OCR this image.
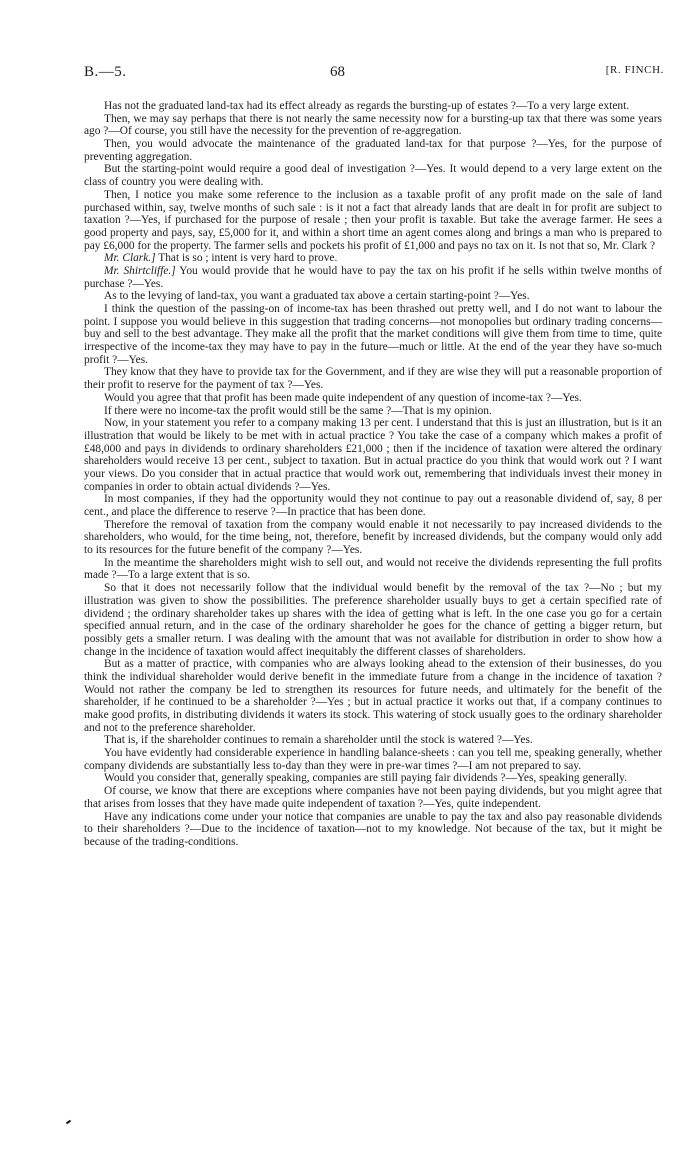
B.—5.	68	[R. FINCH.

Has not the graduated land-tax had its effect already as regards the bursting-up of estates ?—To a very large extent.

Then, we may say perhaps that there is not nearly the same necessity now for a bursting-up tax that there was some years ago ?—Of course, you still have the necessity for the prevention of re-aggregation.

Then, you would advocate the maintenance of the graduated land-tax for that purpose ?—Yes, for the purpose of preventing aggregation.

But the starting-point would require a good deal of investigation ?—Yes. It would depend to a very large extent on the class of country you were dealing with.

Then, I notice you make some reference to the inclusion as a taxable profit of any profit made on the sale of land purchased within, say, twelve months of such sale : is it not a fact that already lands that are dealt in for profit are subject to taxation ?—Yes, if purchased for the purpose of resale ; then your profit is taxable. But take the average farmer. He sees a good property and pays, say, £5,000 for it, and within a short time an agent comes along and brings a man who is prepared to pay £6,000 for the property. The farmer sells and pockets his profit of £1,000 and pays no tax on it. Is not that so, Mr. Clark ?

Mr. Clark.] That is so ; intent is very hard to prove.

Mr. Shirtcliffe.] You would provide that he would have to pay the tax on his profit if he sells within twelve months of purchase ?—Yes.

As to the levying of land-tax, you want a graduated tax above a certain starting-point ?—Yes.

I think the question of the passing-on of income-tax has been thrashed out pretty well, and I do not want to labour the point. I suppose you would believe in this suggestion that trading concerns—not monopolies but ordinary trading concerns—buy and sell to the best advantage. They make all the profit that the market conditions will give them from time to time, quite irrespective of the income-tax they may have to pay in the future—much or little. At the end of the year they have so-much profit ?—Yes.

They know that they have to provide tax for the Government, and if they are wise they will put a reasonable proportion of their profit to reserve for the payment of tax ?—Yes.

Would you agree that that profit has been made quite independent of any question of income-tax ?—Yes.

If there were no income-tax the profit would still be the same ?—That is my opinion.

Now, in your statement you refer to a company making 13 per cent. I understand that this is just an illustration, but is it an illustration that would be likely to be met with in actual practice ? You take the case of a company which makes a profit of £48,000 and pays in dividends to ordinary shareholders £21,000 ; then if the incidence of taxation were altered the ordinary shareholders would receive 13 per cent., subject to taxation. But in actual practice do you think that would work out ? I want your views. Do you consider that in actual practice that would work out, remembering that individuals invest their money in companies in order to obtain actual dividends ?—Yes.

In most companies, if they had the opportunity would they not continue to pay out a reasonable dividend of, say, 8 per cent., and place the difference to reserve ?—In practice that has been done.

Therefore the removal of taxation from the company would enable it not necessarily to pay increased dividends to the shareholders, who would, for the time being, not, therefore, benefit by increased dividends, but the company would only add to its resources for the future benefit of the company ?—Yes.

In the meantime the shareholders might wish to sell out, and would not receive the dividends representing the full profits made ?—To a large extent that is so.

So that it does not necessarily follow that the individual would benefit by the removal of the tax ?—No ; but my illustration was given to show the possibilities. The preference shareholder usually buys to get a certain specified rate of dividend ; the ordinary shareholder takes up shares with the idea of getting what is left. In the one case you go for a certain specified annual return, and in the case of the ordinary shareholder he goes for the chance of getting a bigger return, but possibly gets a smaller return. I was dealing with the amount that was not available for distribution in order to show how a change in the incidence of taxation would affect inequitably the different classes of shareholders.

But as a matter of practice, with companies who are always looking ahead to the extension of their businesses, do you think the individual shareholder would derive benefit in the immediate future from a change in the incidence of taxation ? Would not rather the company be led to strengthen its resources for future needs, and ultimately for the benefit of the shareholder, if he continued to be a shareholder ?—Yes ; but in actual practice it works out that, if a company continues to make good profits, in distributing dividends it waters its stock. This watering of stock usually goes to the ordinary shareholder and not to the preference shareholder.

That is, if the shareholder continues to remain a shareholder until the stock is watered ?—Yes.

You have evidently had considerable experience in handling balance-sheets : can you tell me, speaking generally, whether company dividends are substantially less to-day than they were in pre-war times ?—I am not prepared to say.

Would you consider that, generally speaking, companies are still paying fair dividends ?—Yes, speaking generally.

Of course, we know that there are exceptions where companies have not been paying dividends, but you might agree that that arises from losses that they have made quite independent of taxation ?—Yes, quite independent.

Have any indications come under your notice that companies are unable to pay the tax and also pay reasonable dividends to their shareholders ?—Due to the incidence of taxation—not to my knowledge. Not because of the tax, but it might be because of the trading-conditions.
